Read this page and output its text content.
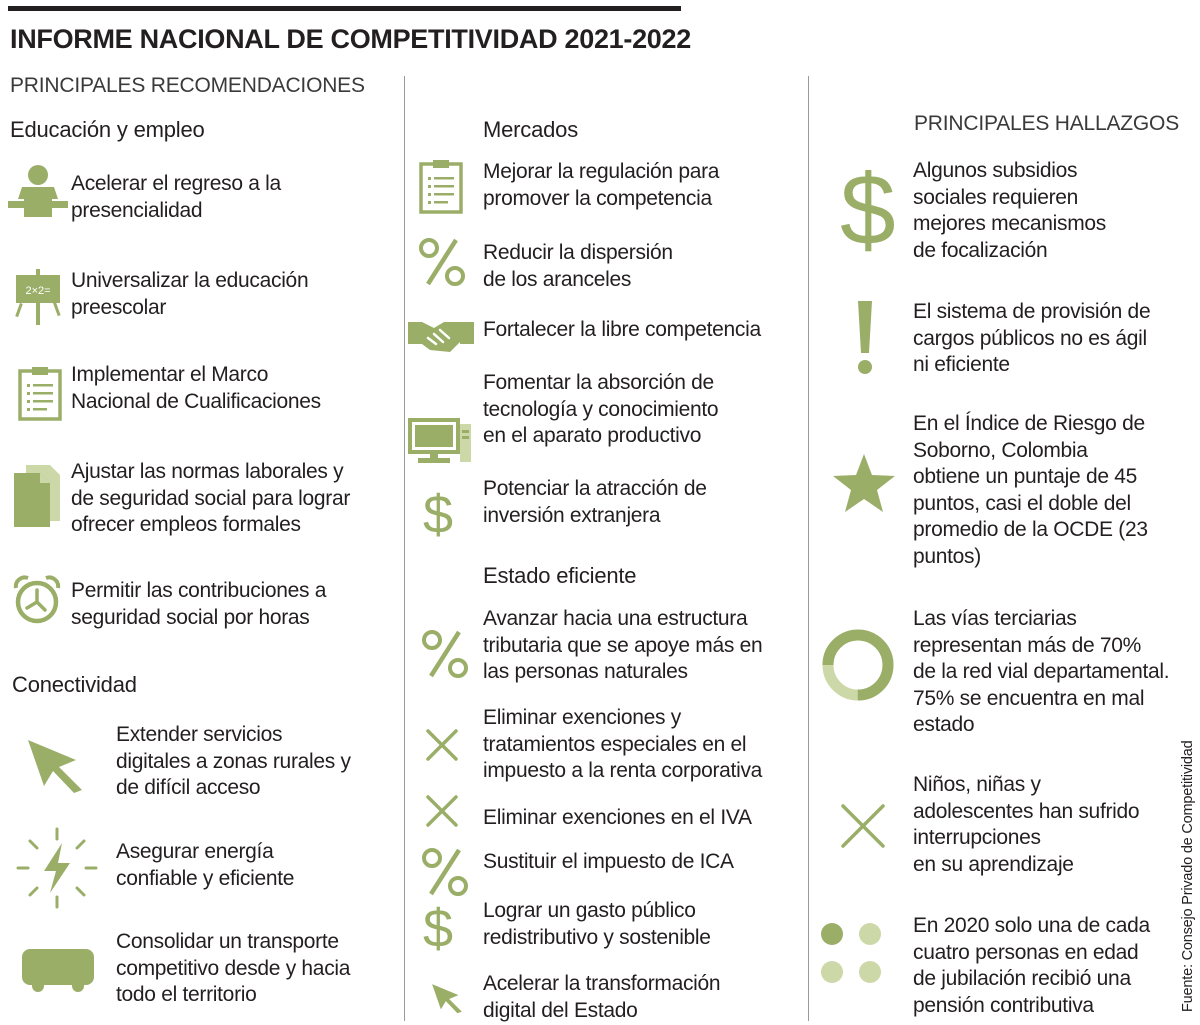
INFORME NACIONAL DE COMPETITIVIDAD 2021-2022
PRINCIPALES RECOMENDACIONES
PRINCIPALES HALLAZGOS
Educación y empleo
Conectividad
Mercados
Estado eficiente
Acelerar el regreso a la
presencialidad
2×2= Universalizar la educación
preescolar
Implementar el Marco
Nacional de Cualificaciones
Ajustar las normas laborales y
de seguridad social para lograr
ofrecer empleos formales
Permitir las contribuciones a
seguridad social por horas
Extender servicios
digitales a zonas rurales y
de difícil acceso
Asegurar energía
confiable y eficiente
Consolidar un transporte
competitivo desde y hacia
todo el territorio
Mejorar la regulación para
promover la competencia
Reducir la dispersión
de los aranceles
Fortalecer la libre competencia
Fomentar la absorción de
tecnología y conocimiento
en el aparato productivo
$ Potenciar la atracción de
inversión extranjera
Avanzar hacia una estructura
tributaria que se apoye más en
las personas naturales
Eliminar exenciones y
tratamientos especiales en el
impuesto a la renta corporativa
Eliminar exenciones en el IVA
Sustituir el impuesto de ICA
$ Lograr un gasto público
redistributivo y sostenible
Acelerar la transformación
digital del Estado
$ Algunos subsidios
sociales requieren
mejores mecanismos
de focalización
El sistema de provisión de
cargos públicos no es ágil
ni eficiente
En el Índice de Riesgo de
Soborno, Colombia
obtiene un puntaje de 45
puntos, casi el doble del
promedio de la OCDE (23
puntos)
Las vías terciarias
representan más de 70%
de la red vial departamental.
75% se encuentra en mal
estado
Niños, niñas y
adolescentes han sufrido
interrupciones
en su aprendizaje
En 2020 solo una de cada
cuatro personas en edad
de jubilación recibió una
pensión contributiva	Fuente: Consejo Privado de Competitividad
